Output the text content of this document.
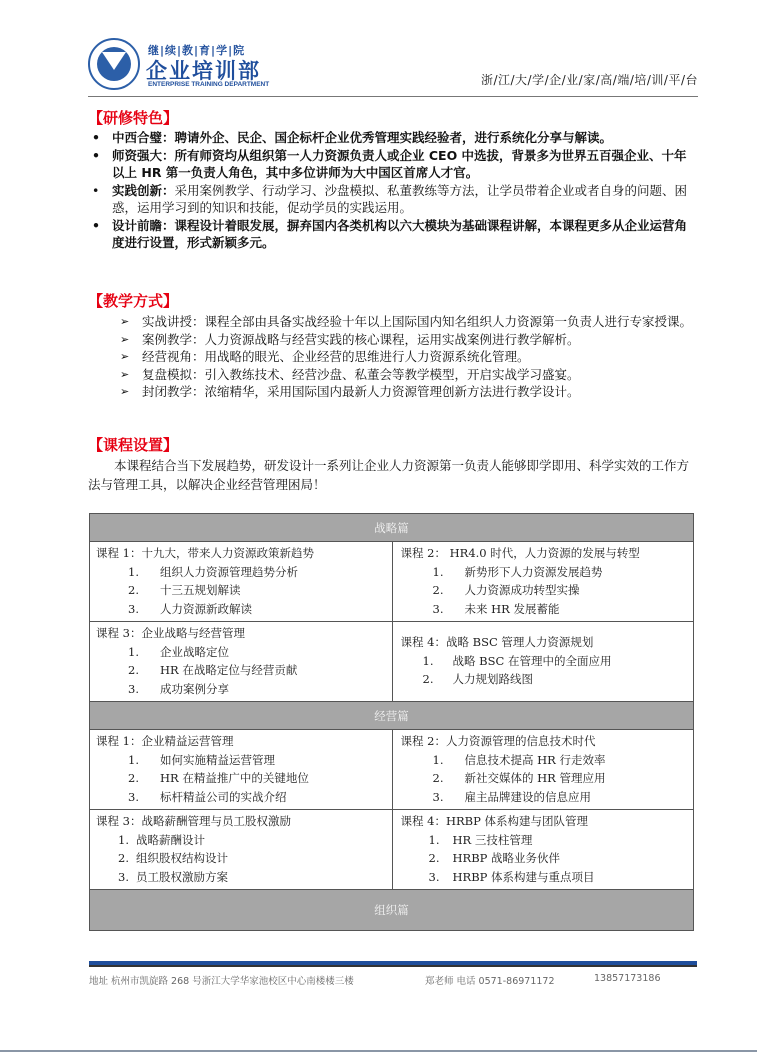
继|续|教|育|学|院
企业培训部
ENTERPRISE TRAINING DEPARTMENT	浙/江/大/学/企/业/家/高/端/培/训/平/台
【研修特色】
• 中西合璧：聘请外企、民企、国企标杆企业优秀管理实践经验者，进行系统化分享与解读。
• 师资强大：所有师资均从组织第一人力资源负责人或企业 CEO 中选拔，背景多为世界五百强企业、十年以上 HR 第一负责人角色，其中多位讲师为大中国区首席人才官。
• 实践创新：采用案例教学、行动学习、沙盘模拟、私董教练等方法，让学员带着企业或者自身的问题、困惑，运用学习到的知识和技能，促动学员的实践运用。
• 设计前瞻：课程设计着眼发展，摒弃国内各类机构以六大模块为基础课程讲解，本课程更多从企业运营角度进行设置，形式新颖多元。
【教学方式】
➢ 实战讲授：课程全部由具备实战经验十年以上国际国内知名组织人力资源第一负责人进行专家授课。
➢ 案例教学：人力资源战略与经营实践的核心课程，运用实战案例进行教学解析。
➢ 经营视角：用战略的眼光、企业经营的思维进行人力资源系统化管理。
➢ 复盘模拟：引入教练技术、经营沙盘、私董会等教学模型，开启实战学习盛宴。
➢ 封闭教学：浓缩精华，采用国际国内最新人力资源管理创新方法进行教学设计。
【课程设置】
本课程结合当下发展趋势，研发设计一系列让企业人力资源第一负责人能够即学即用、科学实效的工作方法与管理工具，以解决企业经营管理困局！
战略篇
课程 1：十九大，带来人力资源政策新趋势
1. 组织人力资源管理趋势分析
2. 十三五规划解读
3. 人力资源新政解读
课程 2： HR4.0 时代，人力资源的发展与转型
1. 新势形下人力资源发展趋势
2. 人力资源成功转型实操
3. 未来 HR 发展蓄能
课程 3：企业战略与经营管理
1. 企业战略定位
2. HR 在战略定位与经营贡献
3. 成功案例分享
课程 4：战略 BSC 管理人力资源规划
1. 战略 BSC 在管理中的全面应用
2. 人力规划路线图
经营篇
课程 1：企业精益运营管理
1. 如何实施精益运营管理
2. HR 在精益推广中的关键地位
3. 标杆精益公司的实战介绍
课程 2：人力资源管理的信息技术时代
1. 信息技术提高 HR 行走效率
2. 新社交媒体的 HR 管理应用
3. 雇主品牌建设的信息应用
课程 3：战略薪酬管理与员工股权激励
1. 战略薪酬设计
2. 组织股权结构设计
3. 员工股权激励方案
课程 4：HRBP 体系构建与团队管理
1. HR 三技柱管理
2. HRBP 战略业务伙伴
3. HRBP 体系构建与重点项目
组织篇
地址 杭州市凯旋路 268 号浙江大学华家池校区中心南楼楼三楼	郑老师 电话 0571-86971172	13857173186
